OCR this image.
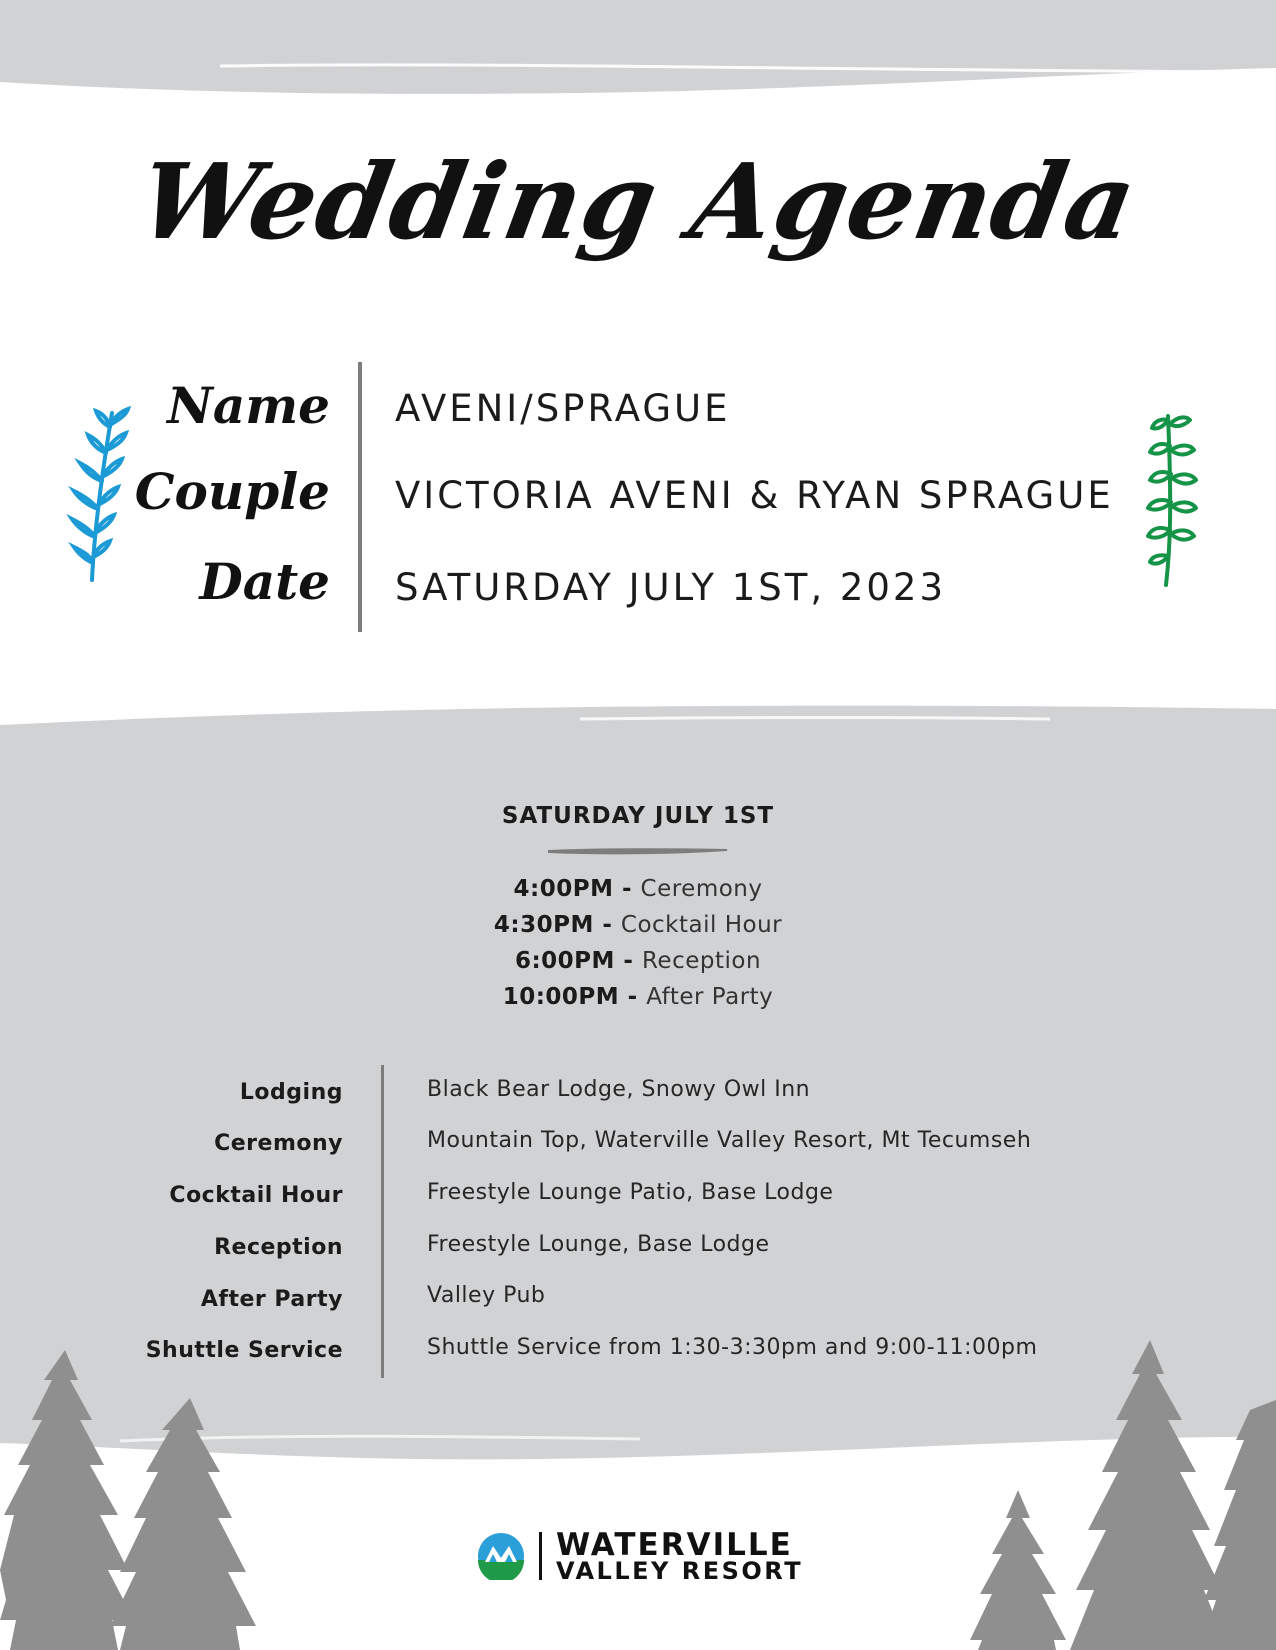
Wedding Agenda
Name AVENI/SPRAGUE
Couple VICTORIA AVENI & RYAN SPRAGUE
Date SATURDAY JULY 1ST, 2023
SATURDAY JULY 1ST
4:00PM - Ceremony
4:30PM - Cocktail Hour
6:00PM - Reception
10:00PM - After Party
Lodging	Black Bear Lodge, Snowy Owl Inn
Ceremony	Mountain Top, Waterville Valley Resort, Mt Tecumseh
Cocktail Hour	Freestyle Lounge Patio, Base Lodge
Reception	Freestyle Lounge, Base Lodge
After Party	Valley Pub
Shuttle Service	Shuttle Service from 1:30-3:30pm and 9:00-11:00pm
WATERVILLE
VALLEY RESORT
